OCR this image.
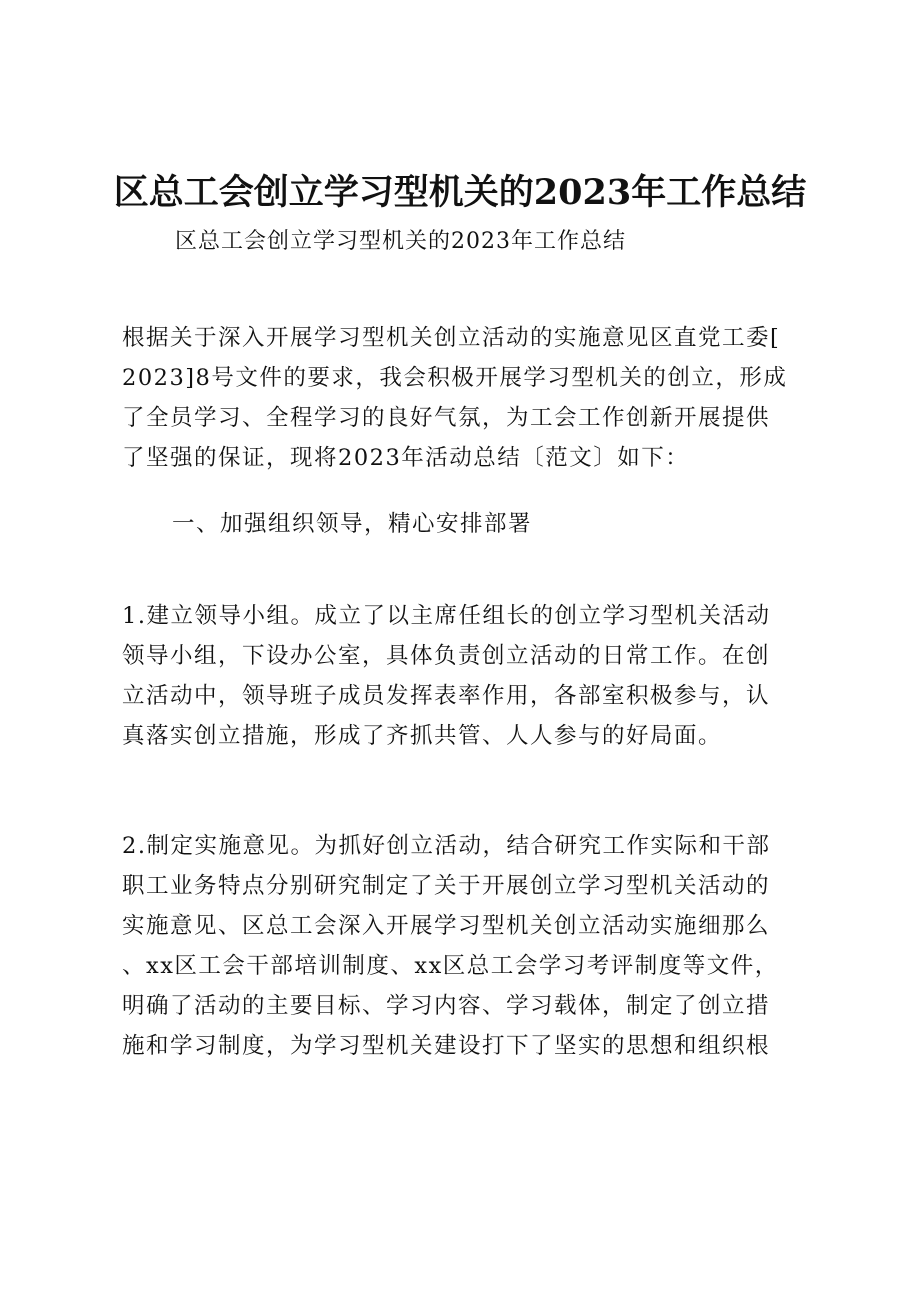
区总工会创立学习型机关的2023年工作总结
区总工会创立学习型机关的2023年工作总结
根据关于深入开展学习型机关创立活动的实施意见区直党工委[
2023]8号文件的要求，我会积极开展学习型机关的创立，形成
了全员学习、全程学习的良好气氛，为工会工作创新开展提供
了坚强的保证，现将2023年活动总结〔范文〕如下：
一、加强组织领导，精心安排部署
1.建立领导小组。成立了以主席任组长的创立学习型机关活动
领导小组，下设办公室，具体负责创立活动的日常工作。在创
立活动中，领导班子成员发挥表率作用，各部室积极参与，认
真落实创立措施，形成了齐抓共管、人人参与的好局面。
2.制定实施意见。为抓好创立活动，结合研究工作实际和干部
职工业务特点分别研究制定了关于开展创立学习型机关活动的
实施意见、区总工会深入开展学习型机关创立活动实施细那么
、xx区工会干部培训制度、xx区总工会学习考评制度等文件，
明确了活动的主要目标、学习内容、学习载体，制定了创立措
施和学习制度，为学习型机关建设打下了坚实的思想和组织根
